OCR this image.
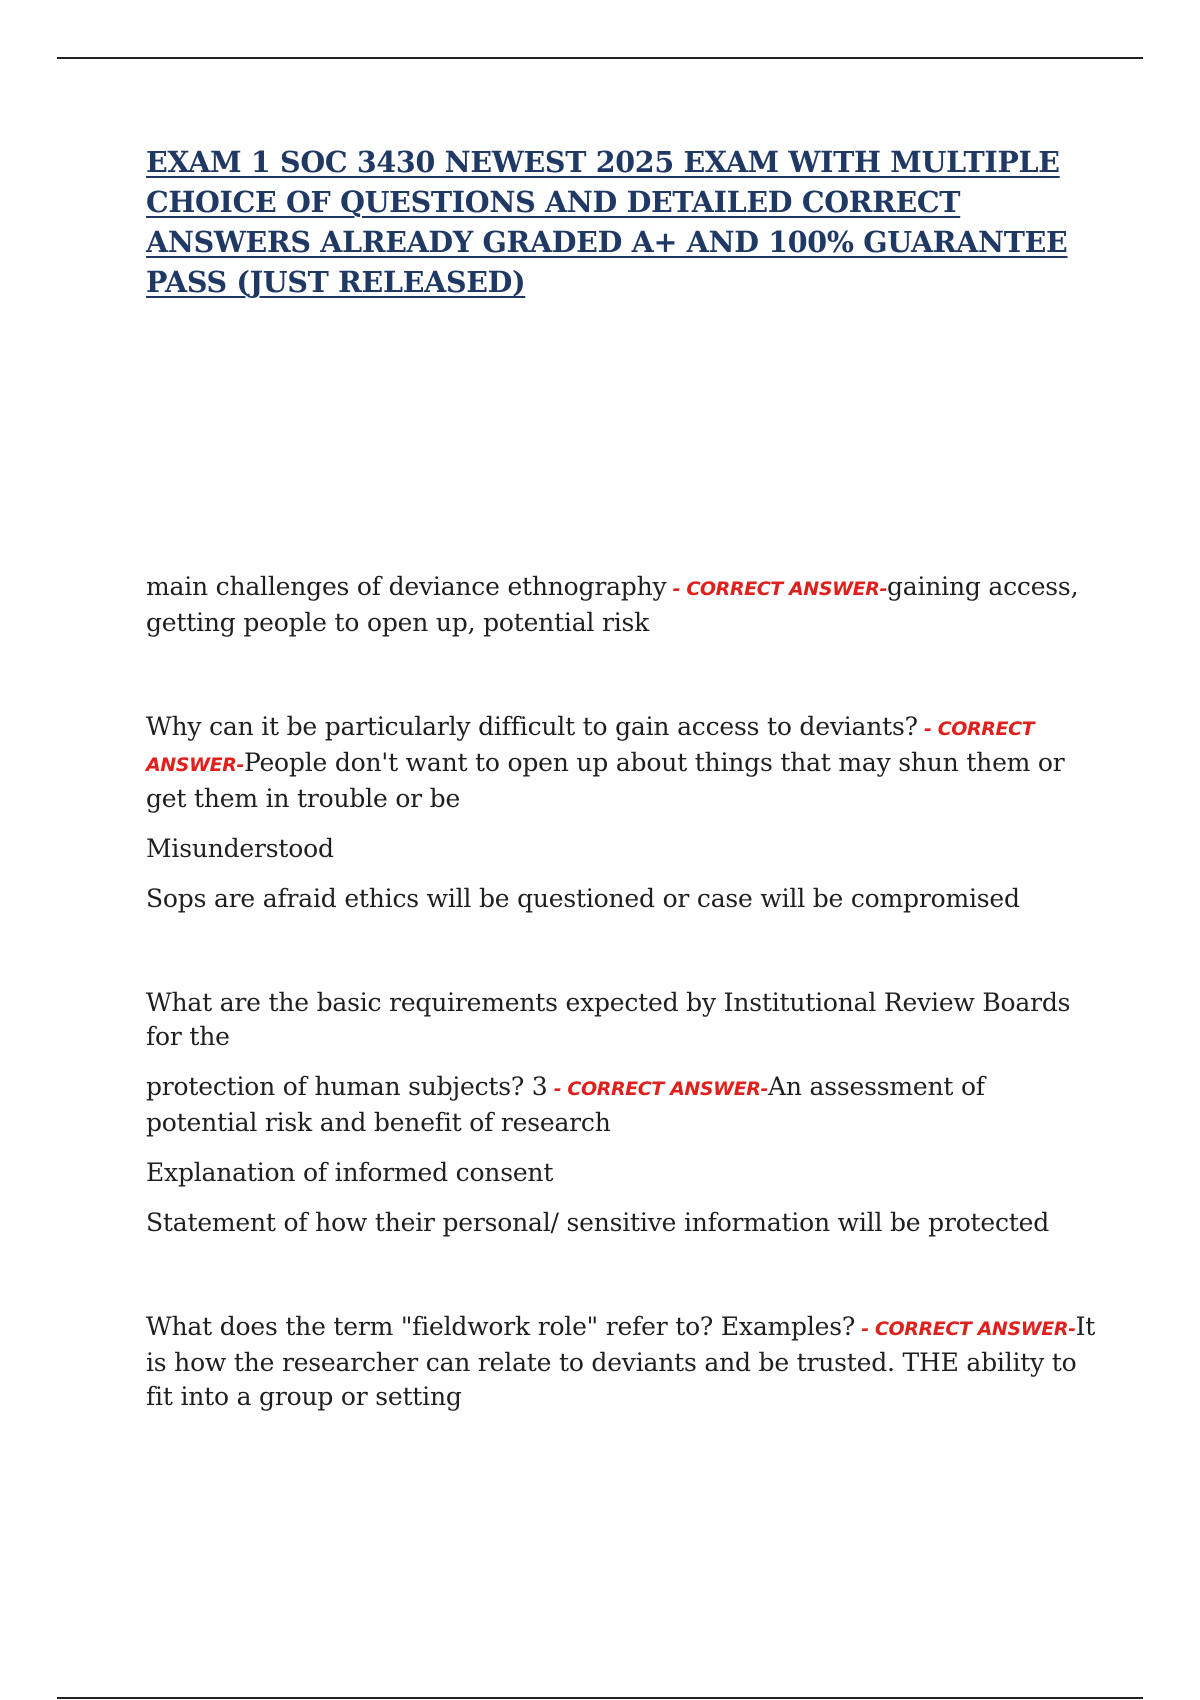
EXAM 1 SOC 3430 NEWEST 2025 EXAM WITH MULTIPLE CHOICE OF QUESTIONS AND DETAILED CORRECT ANSWERS ALREADY GRADED A+ AND 100% GUARANTEE PASS (JUST RELEASED)

main challenges of deviance ethnography - CORRECT ANSWER-gaining access, getting people to open up, potential risk

Why can it be particularly difficult to gain access to deviants? - CORRECT ANSWER-People don't want to open up about things that may shun them or get them in trouble or be

Misunderstood

Sops are afraid ethics will be questioned or case will be compromised

What are the basic requirements expected by Institutional Review Boards for the

protection of human subjects? 3 - CORRECT ANSWER-An assessment of potential risk and benefit of research

Explanation of informed consent

Statement of how their personal/ sensitive information will be protected

What does the term "fieldwork role" refer to? Examples? - CORRECT ANSWER-It is how the researcher can relate to deviants and be trusted. THE ability to fit into a group or setting
